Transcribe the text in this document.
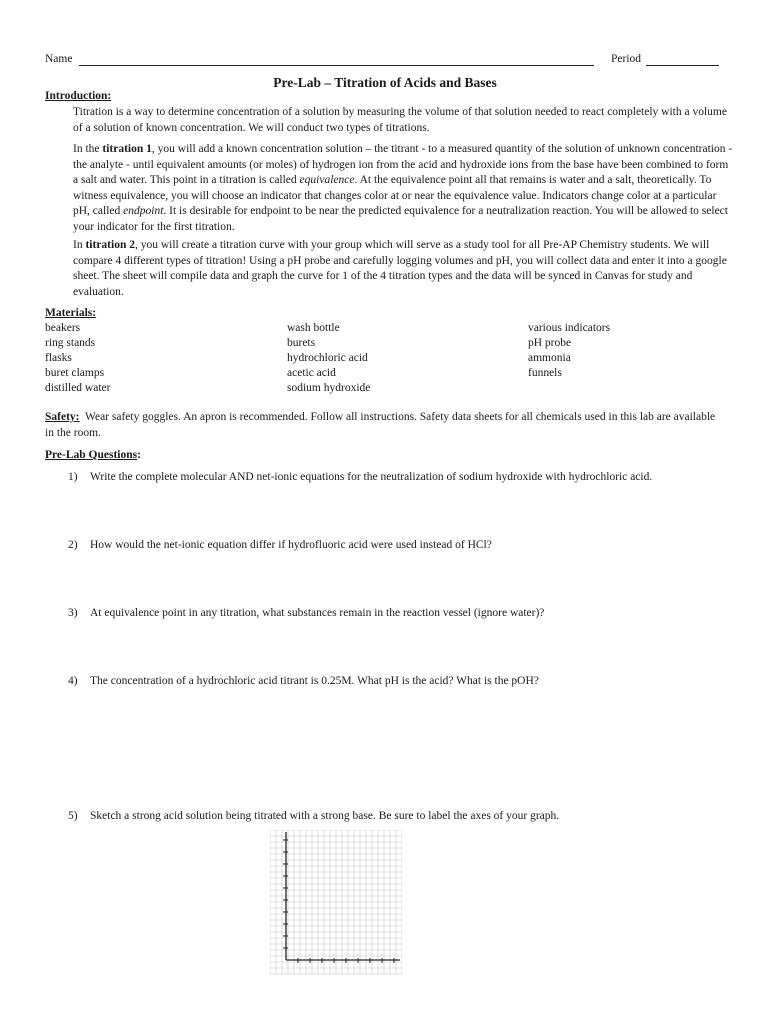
Name	Period
Pre-Lab – Titration of Acids and Bases
Introduction:
Titration is a way to determine concentration of a solution by measuring the volume of that solution needed to react completely with a volume of a solution of known concentration. We will conduct two types of titrations.
In the titration 1, you will add a known concentration solution – the titrant - to a measured quantity of the solution of unknown concentration - the analyte - until equivalent amounts (or moles) of hydrogen ion from the acid and hydroxide ions from the base have been combined to form a salt and water. This point in a titration is called equivalence. At the equivalence point all that remains is water and a salt, theoretically. To witness equivalence, you will choose an indicator that changes color at or near the equivalence value. Indicators change color at a particular pH, called endpoint. It is desirable for endpoint to be near the predicted equivalence for a neutralization reaction. You will be allowed to select your indicator for the first titration.
In titration 2, you will create a titration curve with your group which will serve as a study tool for all Pre-AP Chemistry students. We will compare 4 different types of titration! Using a pH probe and carefully logging volumes and pH, you will collect data and enter it into a google sheet. The sheet will compile data and graph the curve for 1 of the 4 titration types and the data will be synced in Canvas for study and evaluation.
Materials:
beakers
ring stands
flasks
buret clamps
distilled water
wash bottle
burets
hydrochloric acid
acetic acid
sodium hydroxide
various indicators
pH probe
ammonia
funnels
Safety: Wear safety goggles. An apron is recommended. Follow all instructions. Safety data sheets for all chemicals used in this lab are available in the room.
Pre-Lab Questions:
1) Write the complete molecular AND net-ionic equations for the neutralization of sodium hydroxide with hydrochloric acid.
2) How would the net-ionic equation differ if hydrofluoric acid were used instead of HCl?
3) At equivalence point in any titration, what substances remain in the reaction vessel (ignore water)?
4) The concentration of a hydrochloric acid titrant is 0.25M. What pH is the acid? What is the pOH?
5) Sketch a strong acid solution being titrated with a strong base. Be sure to label the axes of your graph.
